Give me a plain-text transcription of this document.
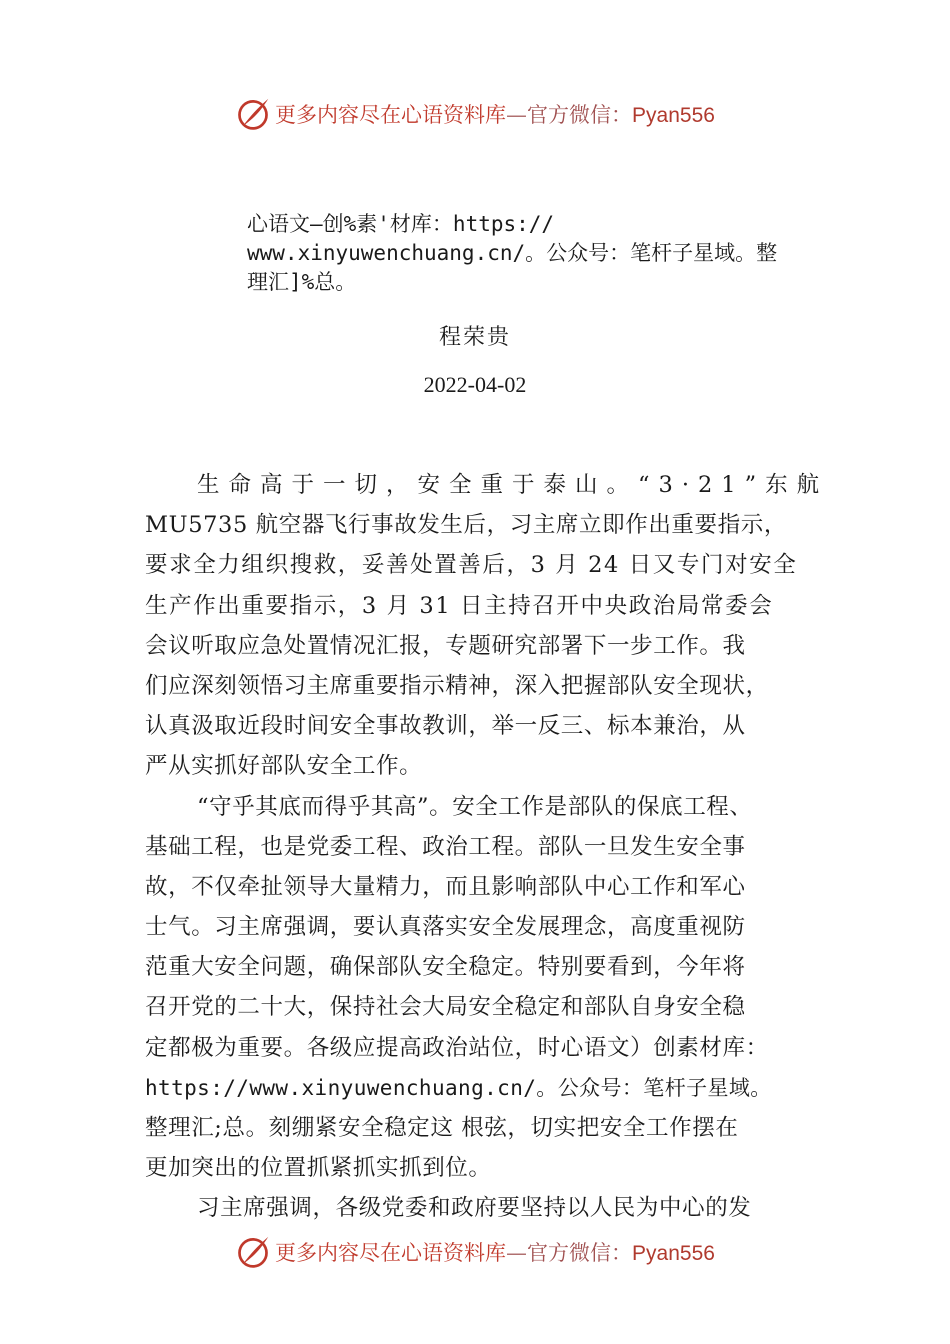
更多内容尽在心语资料库—官方微信：Pyan556
心语文—创%素'材库：https://
www.xinyuwenchuang.cn/。公众号：笔杆子星域。整
理汇]%总。
程荣贵
2022-04-02
生命高于一切，安全重于泰山。“3·21”东航
MU5735 航空器飞行事故发生后，习主席立即作出重要指示，
要求全力组织搜救，妥善处置善后，3 月 24 日又专门对安全
生产作出重要指示，3 月 31 日主持召开中央政治局常委会
会议听取应急处置情况汇报，专题研究部署下一步工作。我
们应深刻领悟习主席重要指示精神，深入把握部队安全现状，
认真汲取近段时间安全事故教训，举一反三、标本兼治，从
严从实抓好部队安全工作。
“守乎其底而得乎其高”。安全工作是部队的保底工程、
基础工程，也是党委工程、政治工程。部队一旦发生安全事
故，不仅牵扯领导大量精力，而且影响部队中心工作和军心
士气。习主席强调，要认真落实安全发展理念，高度重视防
范重大安全问题，确保部队安全稳定。特别要看到，今年将
召开党的二十大，保持社会大局安全稳定和部队自身安全稳
定都极为重要。各级应提高政治站位，时心语文）创素材库：
https://www.xinyuwenchuang.cn/。公众号：笔杆子星域。
整理汇;总。刻绷紧安全稳定这 根弦，切实把安全工作摆在
更加突出的位置抓紧抓实抓到位。
习主席强调，各级党委和政府要坚持以人民为中心的发
更多内容尽在心语资料库—官方微信：Pyan556
